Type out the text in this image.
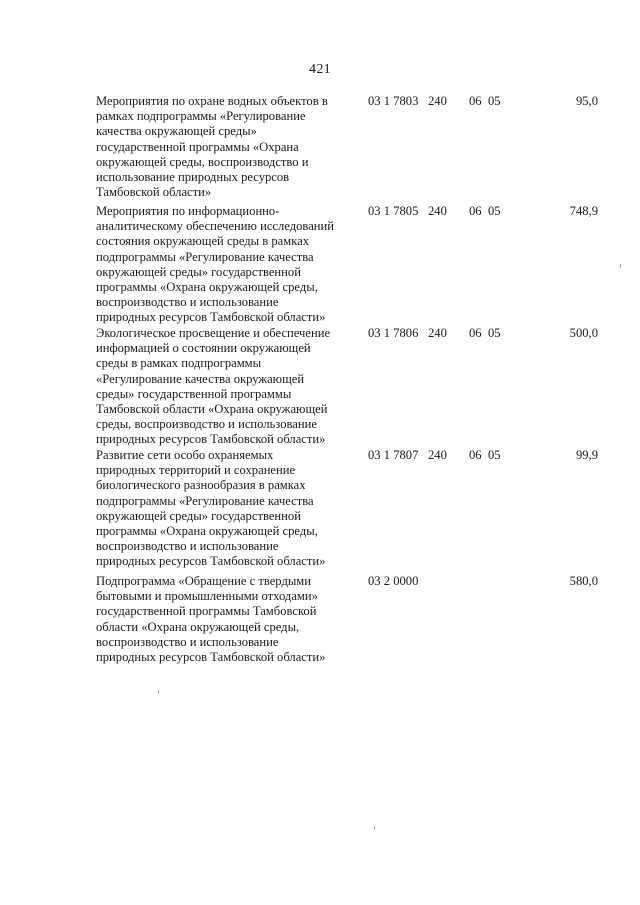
421
Мероприятия по охране водных объектов в
рамках подпрограммы «Регулирование
качества окружающей среды»
государственной программы «Охрана
окружающей среды, воспроизводство и
использование природных ресурсов
Тамбовской области»
03 1 7803 240 06 05	95,0
Мероприятия по информационно-
аналитическому обеспечению исследований
состояния окружающей среды в рамках
подпрограммы «Регулирование качества
окружающей среды» государственной
программы «Охрана окружающей среды,
воспроизводство и использование
природных ресурсов Тамбовской области»
03 1 7805 240 06 05	748,9
Экологическое просвещение и обеспечение
информацией о состоянии окружающей
среды в рамках подпрограммы
«Регулирование качества окружающей
среды» государственной программы
Тамбовской области «Охрана окружающей
среды, воспроизводство и использование
природных ресурсов Тамбовской области»
03 1 7806 240 06 05	500,0
Развитие сети особо охраняемых
природных территорий и сохранение
биологического разнообразия в рамках
подпрограммы «Регулирование качества
окружающей среды» государственной
программы «Охрана окружающей среды,
воспроизводство и использование
природных ресурсов Тамбовской области»
03 1 7807 240 06 05	99,9
Подпрограмма «Обращение с твердыми
бытовыми и промышленными отходами»
государственной программы Тамбовской
области «Охрана окружающей среды,
воспроизводство и использование
природных ресурсов Тамбовской области»
03 2 0000	580,0
